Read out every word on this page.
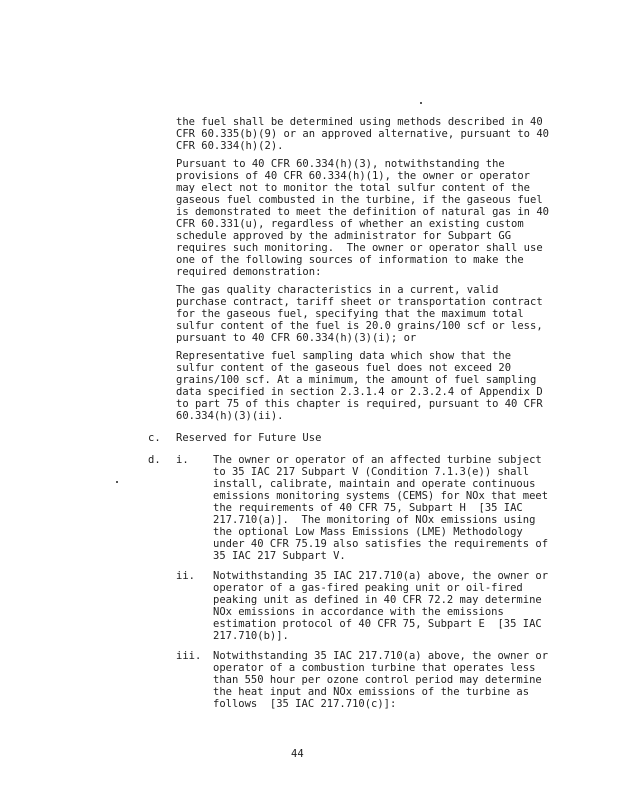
the fuel shall be determined using methods described in 40
CFR 60.335(b)(9) or an approved alternative, pursuant to 40
CFR 60.334(h)(2).
Pursuant to 40 CFR 60.334(h)(3), notwithstanding the
provisions of 40 CFR 60.334(h)(1), the owner or operator
may elect not to monitor the total sulfur content of the
gaseous fuel combusted in the turbine, if the gaseous fuel
is demonstrated to meet the definition of natural gas in 40
CFR 60.331(u), regardless of whether an existing custom
schedule approved by the administrator for Subpart GG
requires such monitoring.  The owner or operator shall use
one of the following sources of information to make the
required demonstration:
The gas quality characteristics in a current, valid
purchase contract, tariff sheet or transportation contract
for the gaseous fuel, specifying that the maximum total
sulfur content of the fuel is 20.0 grains/100 scf or less,
pursuant to 40 CFR 60.334(h)(3)(i); or
Representative fuel sampling data which show that the
sulfur content of the gaseous fuel does not exceed 20
grains/100 scf. At a minimum, the amount of fuel sampling
data specified in section 2.3.1.4 or 2.3.2.4 of Appendix D
to part 75 of this chapter is required, pursuant to 40 CFR
60.334(h)(3)(ii).
c. Reserved for Future Use
d. i. The owner or operator of an affected turbine subject
to 35 IAC 217 Subpart V (Condition 7.1.3(e)) shall
install, calibrate, maintain and operate continuous
emissions monitoring systems (CEMS) for NOx that meet
the requirements of 40 CFR 75, Subpart H  [35 IAC
217.710(a)].  The monitoring of NOx emissions using
the optional Low Mass Emissions (LME) Methodology
under 40 CFR 75.19 also satisfies the requirements of
35 IAC 217 Subpart V.
ii. Notwithstanding 35 IAC 217.710(a) above, the owner or
operator of a gas-fired peaking unit or oil-fired
peaking unit as defined in 40 CFR 72.2 may determine
NOx emissions in accordance with the emissions
estimation protocol of 40 CFR 75, Subpart E  [35 IAC
217.710(b)].
iii. Notwithstanding 35 IAC 217.710(a) above, the owner or
operator of a combustion turbine that operates less
than 550 hour per ozone control period may determine
the heat input and NOx emissions of the turbine as
follows  [35 IAC 217.710(c)]:
44
